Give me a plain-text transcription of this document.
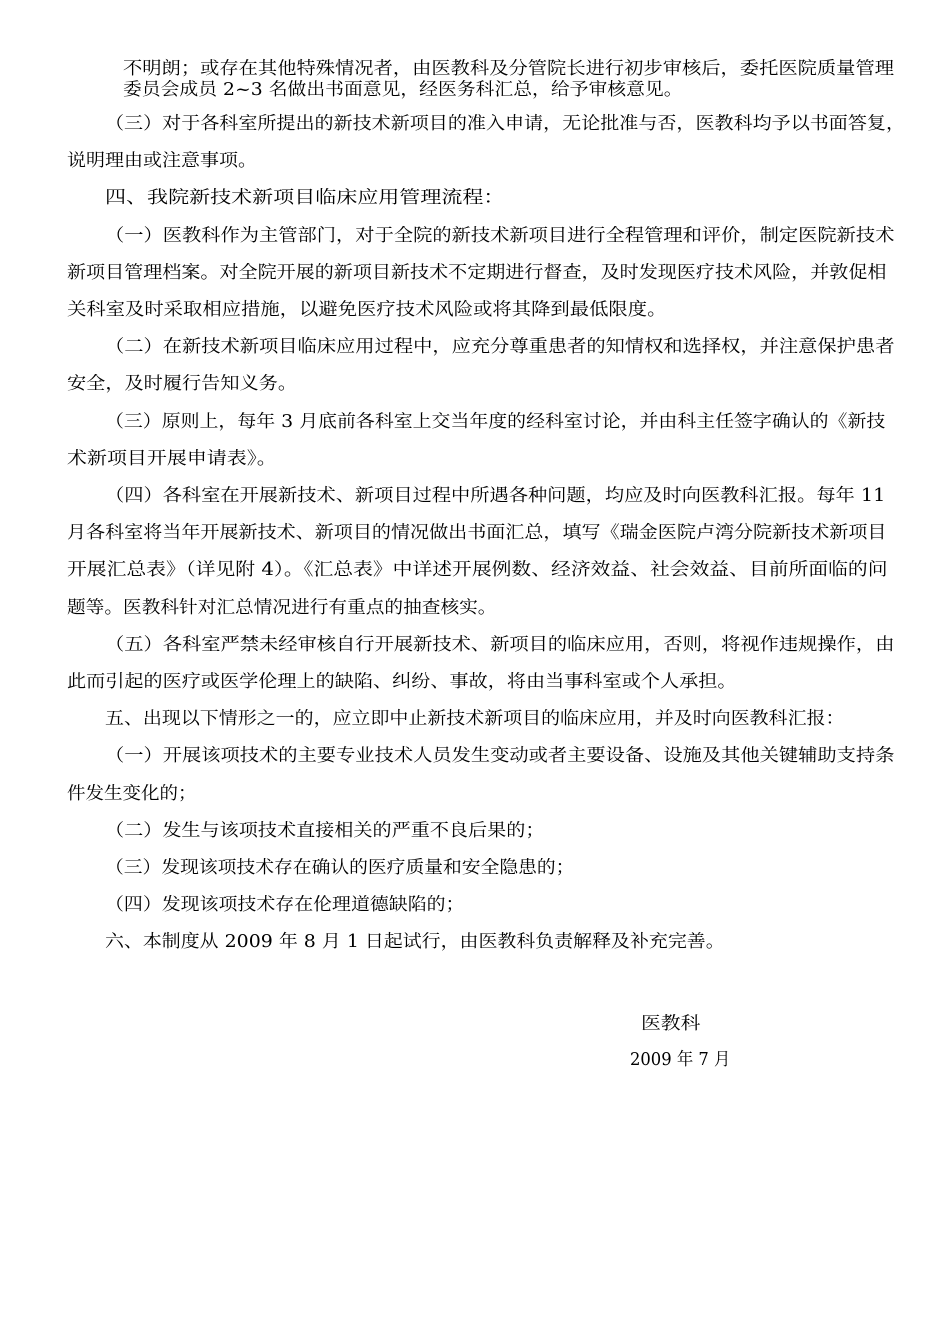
不明朗；或存在其他特殊情况者，由医教科及分管院长进行初步审核后，委托医院质量管理
委员会成员 2~3 名做出书面意见，经医务科汇总，给予审核意见。
（三）对于各科室所提出的新技术新项目的准入申请，无论批准与否，医教科均予以书面答复，
说明理由或注意事项。
四、我院新技术新项目临床应用管理流程：
（一）医教科作为主管部门，对于全院的新技术新项目进行全程管理和评价，制定医院新技术
新项目管理档案。对全院开展的新项目新技术不定期进行督查，及时发现医疗技术风险，并敦促相
关科室及时采取相应措施，以避免医疗技术风险或将其降到最低限度。
（二）在新技术新项目临床应用过程中，应充分尊重患者的知情权和选择权，并注意保护患者
安全，及时履行告知义务。
（三）原则上，每年 3 月底前各科室上交当年度的经科室讨论，并由科主任签字确认的《新技
术新项目开展申请表》。
（四）各科室在开展新技术、新项目过程中所遇各种问题，均应及时向医教科汇报。每年 11
月各科室将当年开展新技术、新项目的情况做出书面汇总，填写《瑞金医院卢湾分院新技术新项目
开展汇总表》（详见附 4）。《汇总表》中详述开展例数、经济效益、社会效益、目前所面临的问
题等。医教科针对汇总情况进行有重点的抽查核实。
（五）各科室严禁未经审核自行开展新技术、新项目的临床应用，否则，将视作违规操作，由
此而引起的医疗或医学伦理上的缺陷、纠纷、事故，将由当事科室或个人承担。
五、出现以下情形之一的，应立即中止新技术新项目的临床应用，并及时向医教科汇报：
（一）开展该项技术的主要专业技术人员发生变动或者主要设备、设施及其他关键辅助支持条
件发生变化的；
（二）发生与该项技术直接相关的严重不良后果的；
（三）发现该项技术存在确认的医疗质量和安全隐患的；
（四）发现该项技术存在伦理道德缺陷的；
六、本制度从 2009 年 8 月 1 日起试行，由医教科负责解释及补充完善。
医教科
2009 年 7 月
